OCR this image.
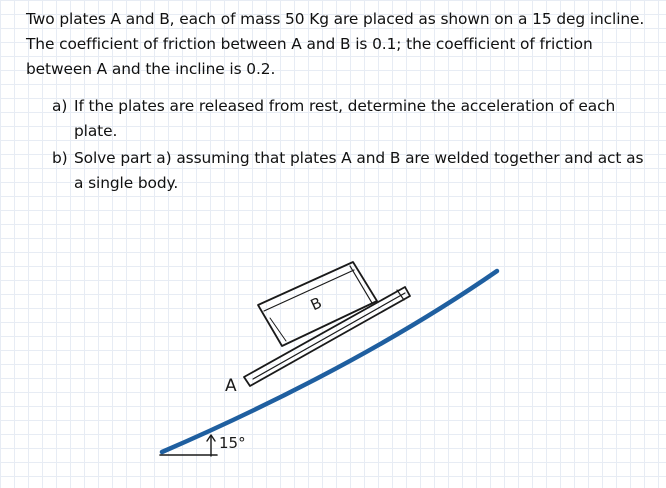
Two plates A and B, each of mass 50 Kg are placed as shown on a 15 deg incline. The coefficient of friction between A and B is 0.1; the coefficient of friction between A and the incline is 0.2.

a) If the plates are released from rest, determine the acceleration of each plate.
b) Solve part a) assuming that plates A and B are welded together and act as a single body.
B
A
15°
